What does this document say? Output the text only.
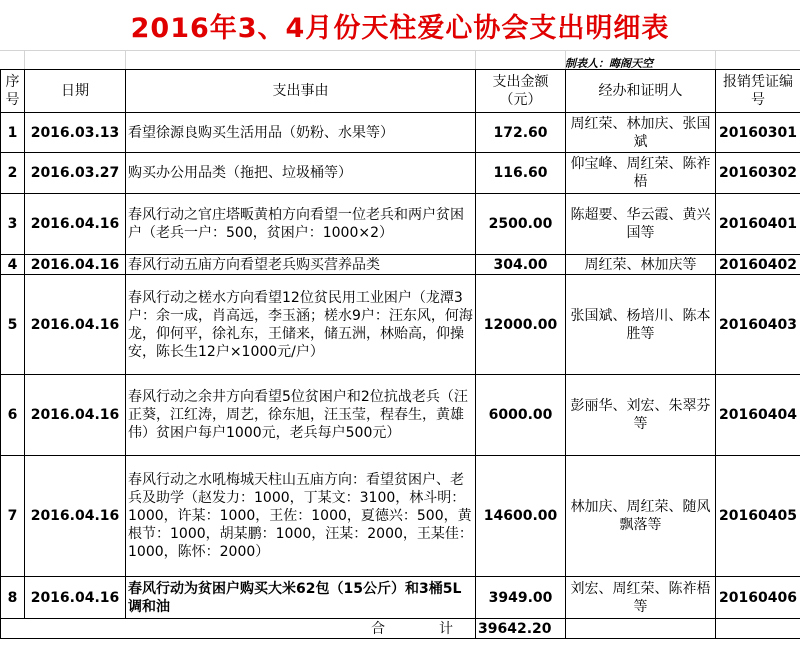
2016年3、4月份天柱爱心协会支出明细表
制表人：晦阁天空
序号	日期	支出事由	支出金额（元）	经办和证明人	报销凭证编号
1	2016.03.13	看望徐源良购买生活用品（奶粉、水果等）	172.60	周红荣、林加庆、张国斌	20160301
2	2016.03.27	购买办公用品类（拖把、垃圾桶等）	116.60	仰宝峰、周红荣、陈祚梧	20160302
3	2016.04.16	春风行动之官庄塔畈黄柏方向看望一位老兵和两户贫困户（老兵一户：500，贫困户：1000×2）	2500.00	陈超要、华云霞、黄兴国等	20160401
4	2016.04.16	春风行动五庙方向看望老兵购买营养品类	304.00	周红荣、林加庆等	20160402
5	2016.04.16	春风行动之槎水方向看望12位贫民用工业困户（龙潭3户：余一成，肖高远，李玉涵；槎水9户：汪东风，何海龙，仰何平，徐礼东，王储来，储五洲，林贻高，仰操安，陈长生12户×1000元/户）	12000.00	张国斌、杨培川、陈本胜等	20160403
6	2016.04.16	春风行动之余井方向看望5位贫困户和2位抗战老兵（汪正葵，江红涛，周艺，徐东旭，汪玉莹，程春生，黄雄伟）贫困户每户1000元，老兵每户500元）	6000.00	彭丽华、刘宏、朱翠芬等	20160404
7	2016.04.16	春风行动之水吼梅城天柱山五庙方向：看望贫困户、老兵及助学（赵发力：1000，丁某文：3100，林斗明：1000，许某：1000，王佐：1000，夏德兴：500，黄根节：1000，胡某鹏：1000，汪某：2000，王某佳：1000，陈怀：2000）	14600.00	林加庆、周红荣、随风飘落等	20160405
8	2016.04.16	春风行动为贫困户购买大米62包（15公斤）和3桶5L调和油	3949.00	刘宏、周红荣、陈祚梧等	20160406
合　计			39642.20		
